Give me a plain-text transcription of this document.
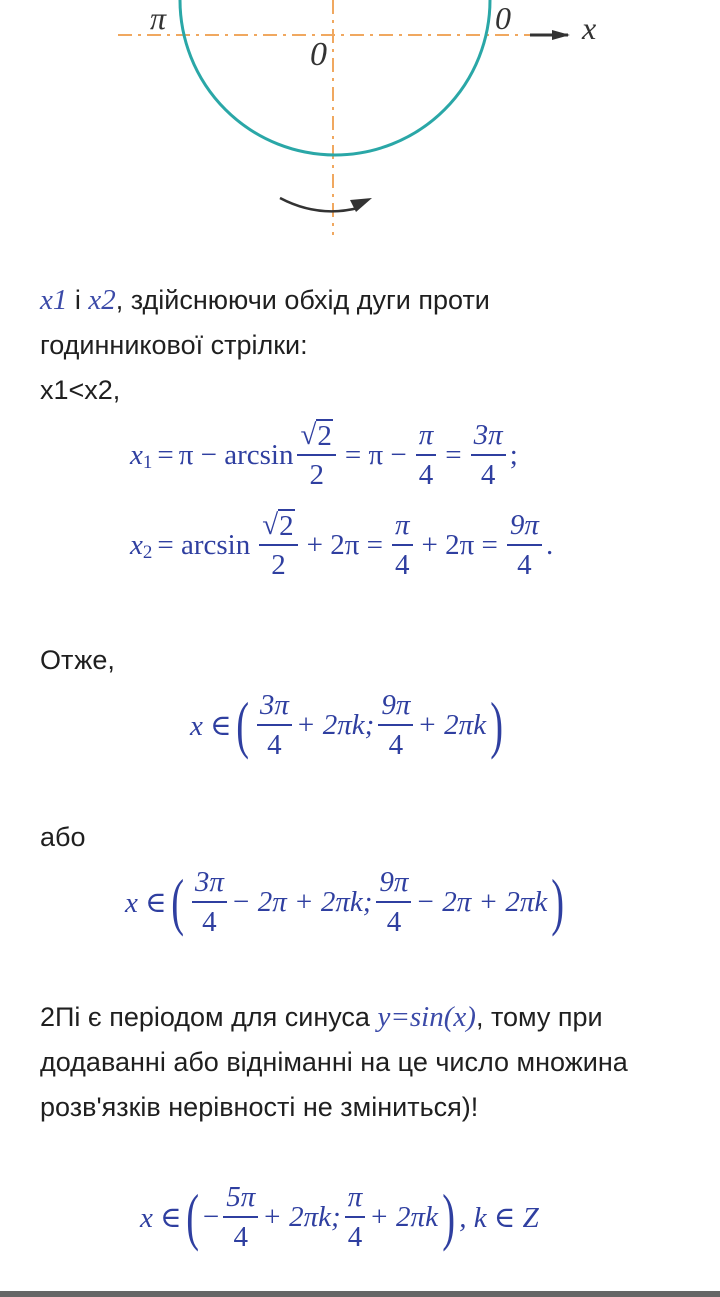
π	0
0
x
x1 і x2, здійснюючи обхід дуги проти годинникової стрілки:
x1<x2,
x $1 = \pi - \arcsin \frac{√ 2}{2} = \pi - \frac{\pi}{4} = \frac{3\pi}{4}$ ;
x $2 = \arcsin \frac{√ 2}{2} + 2\pi = \frac{\pi}{4} + 2\pi = \frac{9\pi}{4}$ .
Отже,
x ∈ ( $\frac{3\pi}{4} + 2\pi k$; $\frac{9\pi}{4} + 2\pi k$ )
або
x ∈ ( $\frac{3\pi}{4} - 2\pi + 2\pi k$; $\frac{9\pi}{4} - 2\pi + 2\pi k$ )
2Пі є періодом для синуса y=sin(x), тому при додаванні або відніманні на це число множина розв'язків нерівності не зміниться)!
x ∈ ( − $\frac{5\pi}{4} + 2\pi k$; $\frac{\pi}{4} + 2\pi k$ ) , k ∈ Z
